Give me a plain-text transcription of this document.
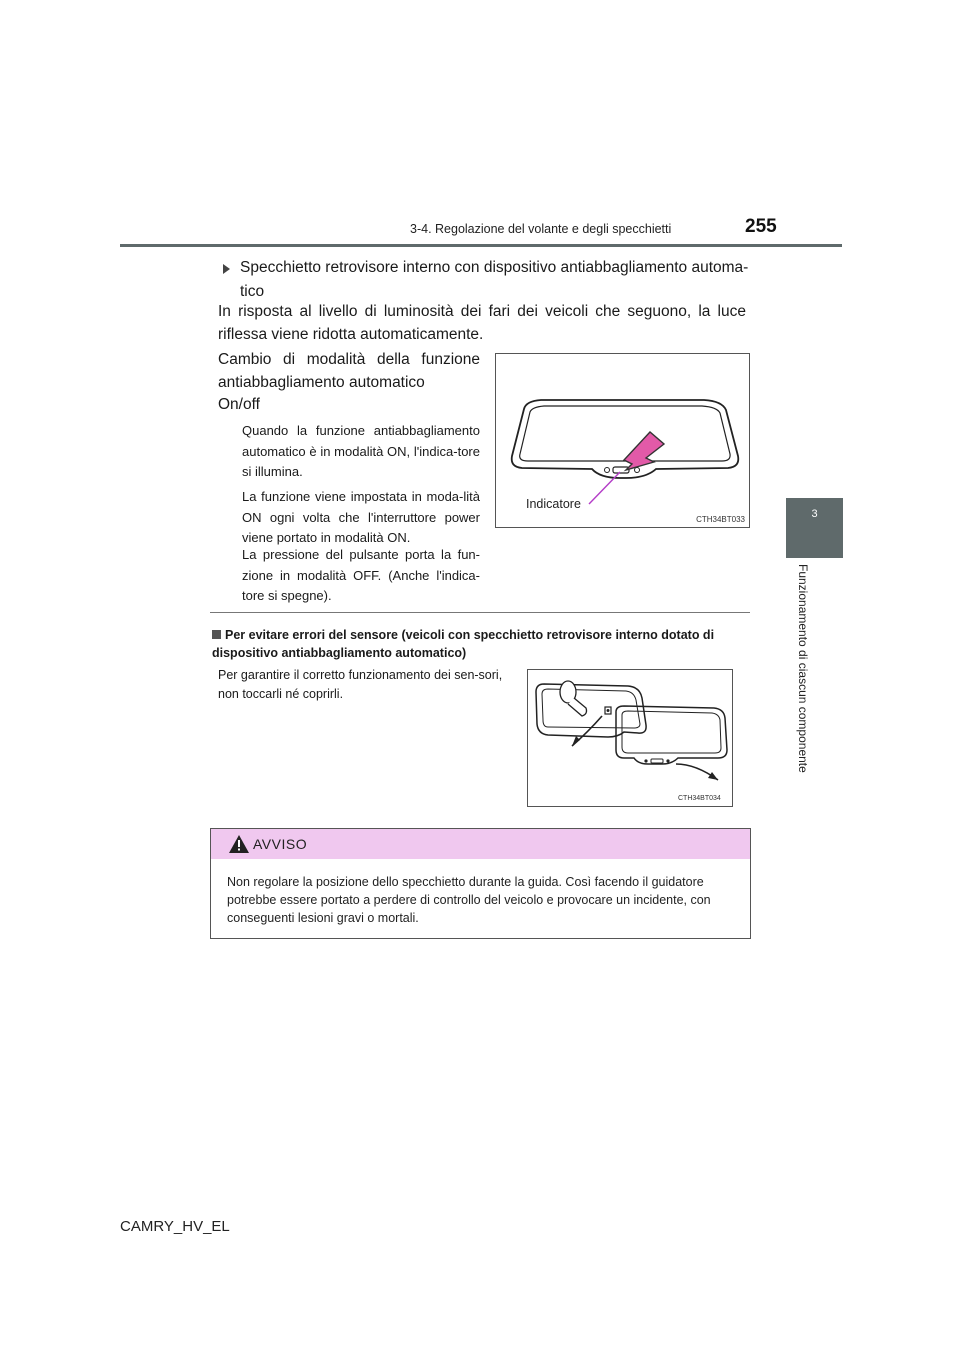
3-4. Regolazione del volante e degli specchietti	255
3
Funzionamento di ciascun componente
Specchietto retrovisore interno con dispositivo antiabbagliamento automa-tico
In risposta al livello di luminosità dei fari dei veicoli che seguono, la luce riflessa viene ridotta automaticamente.
Cambio di modalità della funzione antiabbagliamento automatico
On/off
Quando la funzione antiabbagliamento automatico è in modalità ON, l'indica-tore si illumina.
La funzione viene impostata in moda-lità ON ogni volta che l'interruttore power viene portato in modalità ON.
La pressione del pulsante porta la fun-zione in modalità OFF. (Anche l'indica-tore si spegne).
Indicatore
CTH34BT033
Per evitare errori del sensore (veicoli con specchietto retrovisore interno dotato di dispositivo antiabbagliamento automatico)
Per garantire il corretto funzionamento dei sen-sori, non toccarli né coprirli.
CTH34BT034
AVVISO
Non regolare la posizione dello specchietto durante la guida. Così facendo il guidatore potrebbe essere portato a perdere di controllo del veicolo e provocare un incidente, con conseguenti lesioni gravi o mortali.
CAMRY_HV_EL
